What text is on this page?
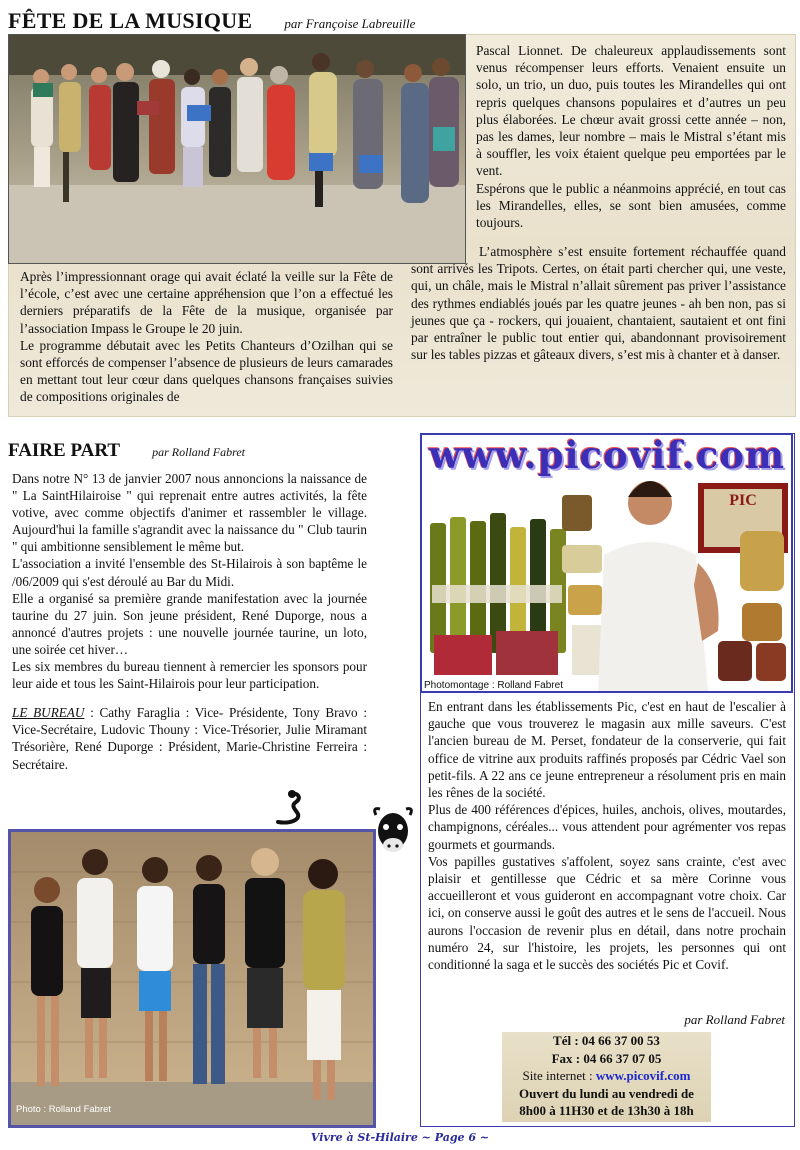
FÊTE DE LA MUSIQUE par Françoise Labreuille

Pascal Lionnet. De chaleureux applaudissements sont venus récompenser leurs efforts. Venaient ensuite un solo, un trio, un duo, puis toutes les Mirandelles qui ont repris quelques chansons populaires et d’autres un peu plus élaborées. Le chœur avait grossi cette année – non, pas les dames, leur nombre – mais le Mistral s’étant mis à souffler, les voix étaient quelque peu emportées par le vent.

Espérons que le public a néanmoins apprécié, en tout cas les Mirandelles, elles, se sont bien amusées, comme toujours.

Après l’impressionnant orage qui avait éclaté la veille sur la Fête de l’école, c’est avec une certaine appréhension que l’on a effectué les derniers préparatifs de la Fête de la musique, organisée par l’association Impass le Groupe le 20 juin.

Le programme débutait avec les Petits Chanteurs d’Ozilhan qui se sont efforcés de compenser l’absence de plusieurs de leurs camarades en mettant tout leur cœur dans quelques chansons françaises suivies de compositions originales de

L’atmosphère s’est ensuite fortement réchauffée quand sont arrivés les Tripots. Certes, on était parti chercher qui, une veste, qui, un châle, mais le Mistral n’allait sûrement pas priver l’assistance des rythmes endiablés joués par les quatre jeunes - ah ben non, pas si jeunes que ça - rockers, qui jouaient, chantaient, sautaient et ont fini par entraîner le public tout entier qui, abandonnant provisoirement sur les tables pizzas et gâteaux divers, s’est mis à chanter et à danser.

FAIRE PART	par Rolland Fabret

Dans notre N° 13 de janvier 2007 nous annoncions la naissance de " La SaintHilairoise " qui reprenait entre autres activités, la fête votive, avec comme objectifs d'animer et rassembler le village. Aujourd'hui la famille s'agrandit avec la naissance du " Club taurin " qui ambitionne sensiblement le même but.

L'association a invité l'ensemble des St-Hilairois à son baptême le /06/2009 qui s'est déroulé au Bar du Midi.

Elle a organisé sa première grande manifestation avec la journée taurine du 27 juin. Son jeune président, René Duporge, nous a annoncé d'autres projets : une nouvelle journée taurine, un loto, une soirée cet hiver…

Les six membres du bureau tiennent à remercier les sponsors pour leur aide et tous les Saint-Hilairois pour leur participation.

LE BUREAU : Cathy Faraglia : Vice- Présidente, Tony Bravo : Vice-Secrétaire, Ludovic Thouny : Vice-Trésorier, Julie Miramant Trésorière, René Duporge : Président, Marie-Christine Ferreira : Secrétaire.

Photo : Rolland Fabret
PIC
www.picovif.com
Photomontage : Rolland Fabret

En entrant dans les établissements Pic, c'est en haut de l'escalier à gauche que vous trouverez le magasin aux mille saveurs. C'est l'ancien bureau de M. Perset, fondateur de la conserverie, qui fait office de vitrine aux produits raffinés proposés par Cédric Vael son petit-fils. A 22 ans ce jeune entrepreneur a résolument pris en main les rênes de la société.

Plus de 400 références d'épices, huiles, anchois, olives, moutardes, champignons, céréales... vous attendent pour agrémenter vos repas gourmets et gourmands.

Vos papilles gustatives s'affolent, soyez sans crainte, c'est avec plaisir et gentillesse que Cédric et sa mère Corinne vous accueilleront et vous guideront en accompagnant votre choix. Car ici, on conserve aussi le goût des autres et le sens de l'accueil. Nous aurons l'occasion de revenir plus en détail, dans notre prochain numéro 24, sur l'histoire, les projets, les personnes qui ont conditionné la saga et le succès des sociétés Pic et Covif.

par Rolland Fabret
Tél : 04 66 37 00 53
Fax : 04 66 37 07 05
Site internet : www.picovif.com
Ouvert du lundi au vendredi de
8h00 à 11H30 et de 13h30 à 18h
Vivre à St-Hilaire ~ Page 6 ~
